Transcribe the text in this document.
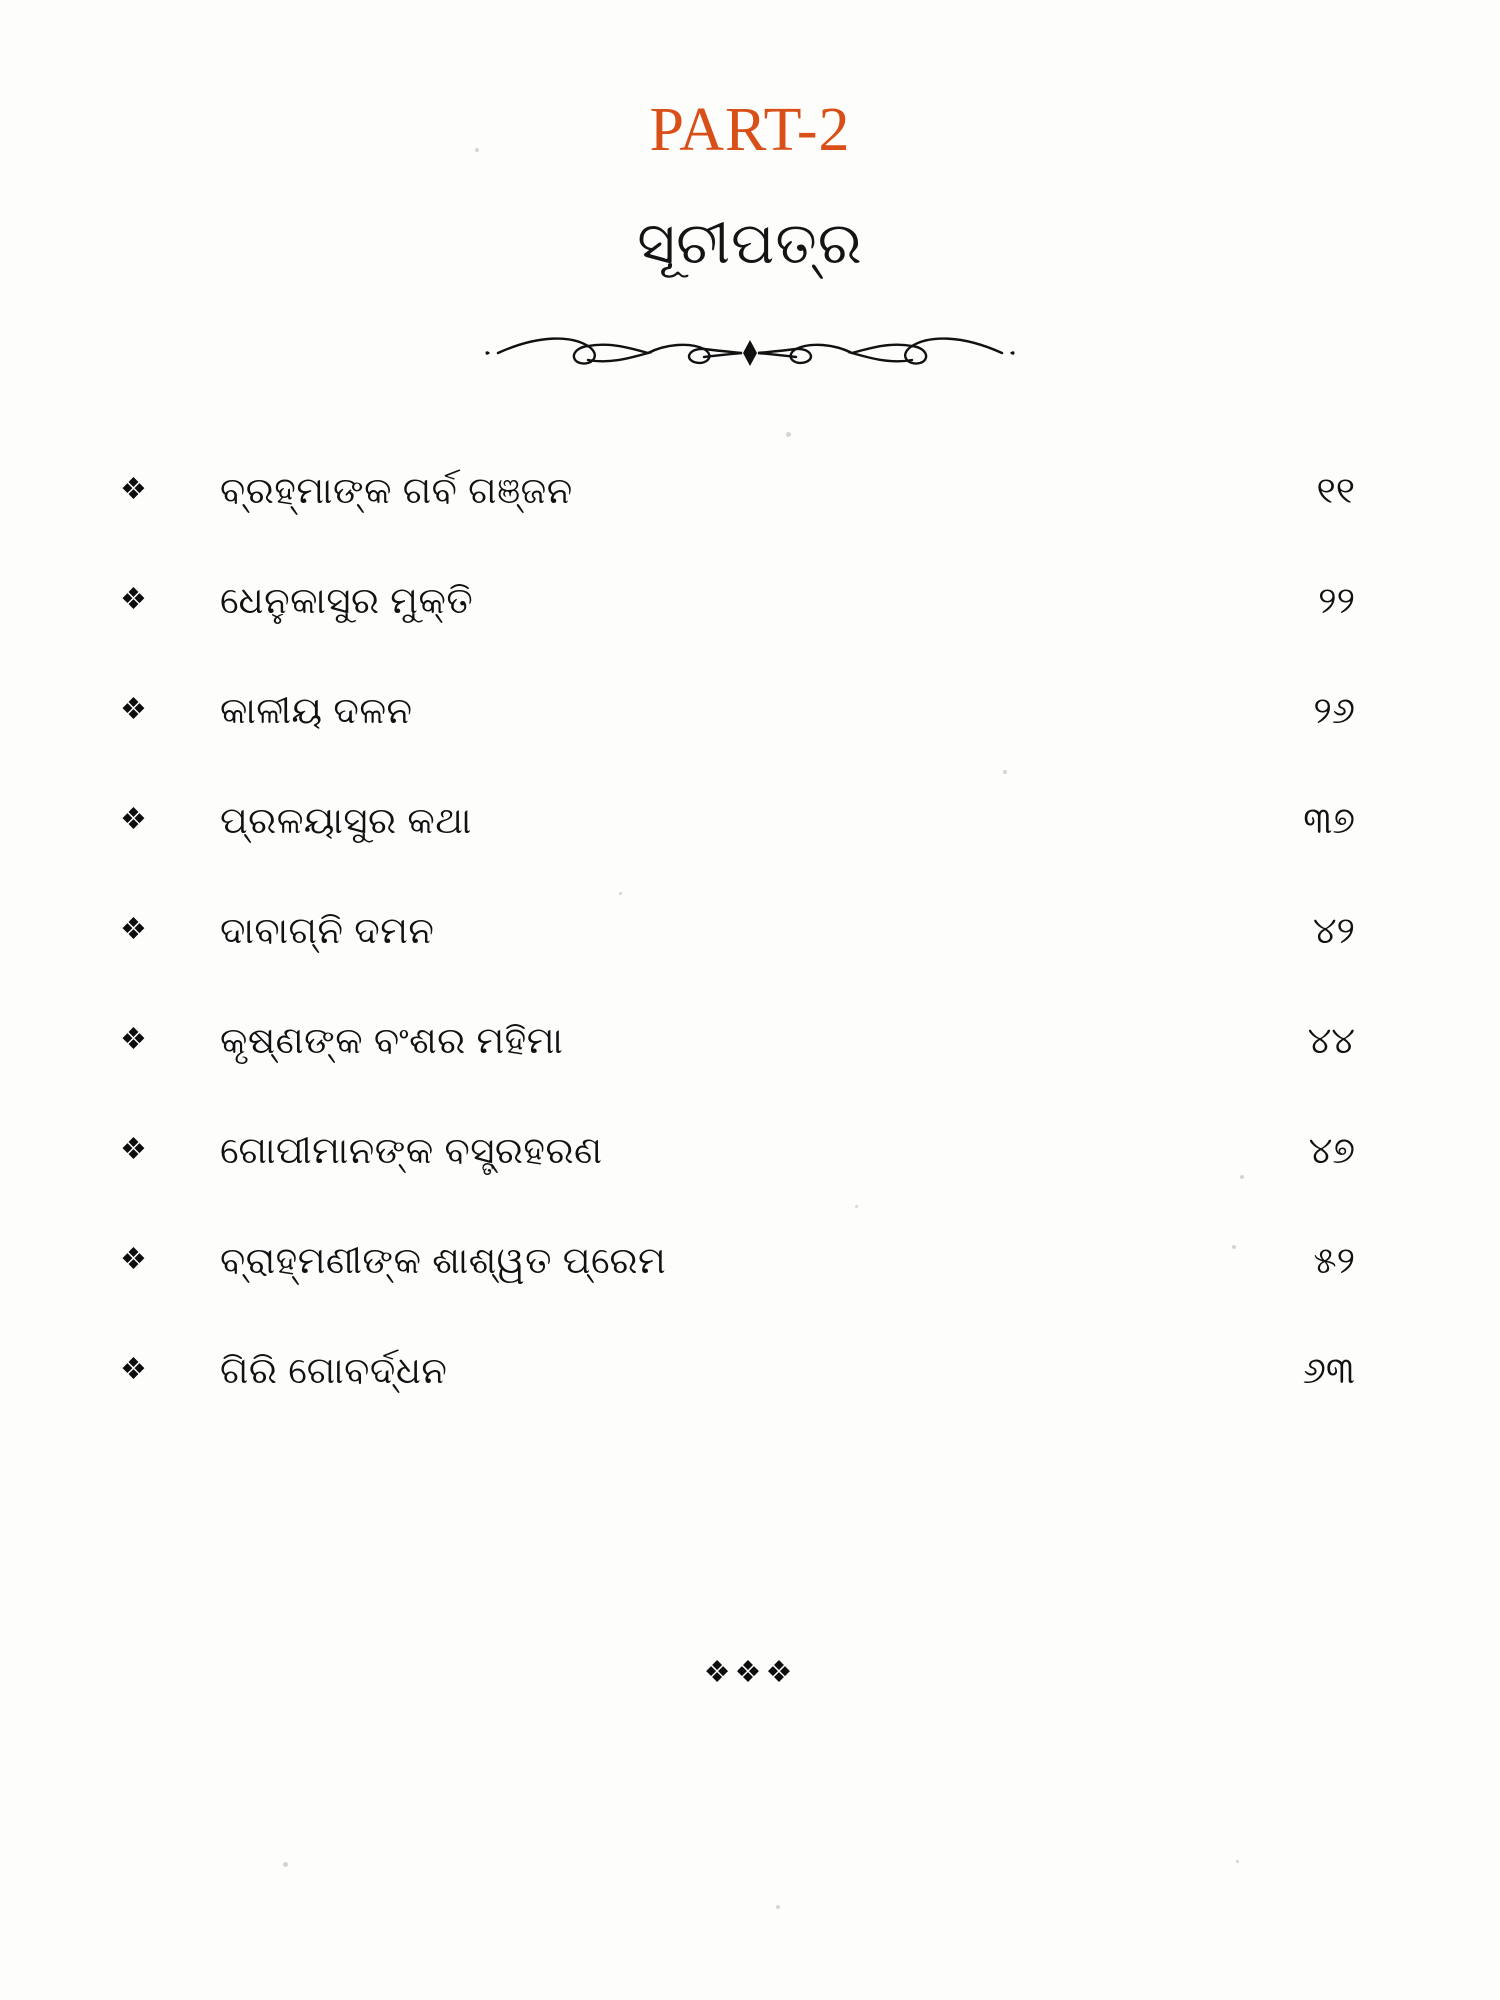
PART-2
ସୂଚୀପତ୍ର
❖	ବ୍ରହ୍ମାଙ୍କ ଗର୍ବ ଗଞ୍ଜନ	୧୧
❖	ଧେନୁକାସୁର ମୁକ୍ତି	୨୨
❖	କାଳୀୟ ଦଳନ	୨୬
❖	ପ୍ରଳୟାସୁର କଥା	୩୭
❖	ଦାବାଗ୍ନି ଦମନ	୪୨
❖	କୃଷ୍ଣଙ୍କ ବଂଶର ମହିମା	୪୪
❖	ଗୋପୀମାନଙ୍କ ବସ୍ତ୍ରହରଣ	୪୭
❖	ବ୍ରାହ୍ମଣୀଙ୍କ ଶାଶ୍ୱତ ପ୍ରେମ	୫୨
❖	ଗିରି ଗୋବର୍ଦ୍ଧନ	୬୩
❖❖❖
